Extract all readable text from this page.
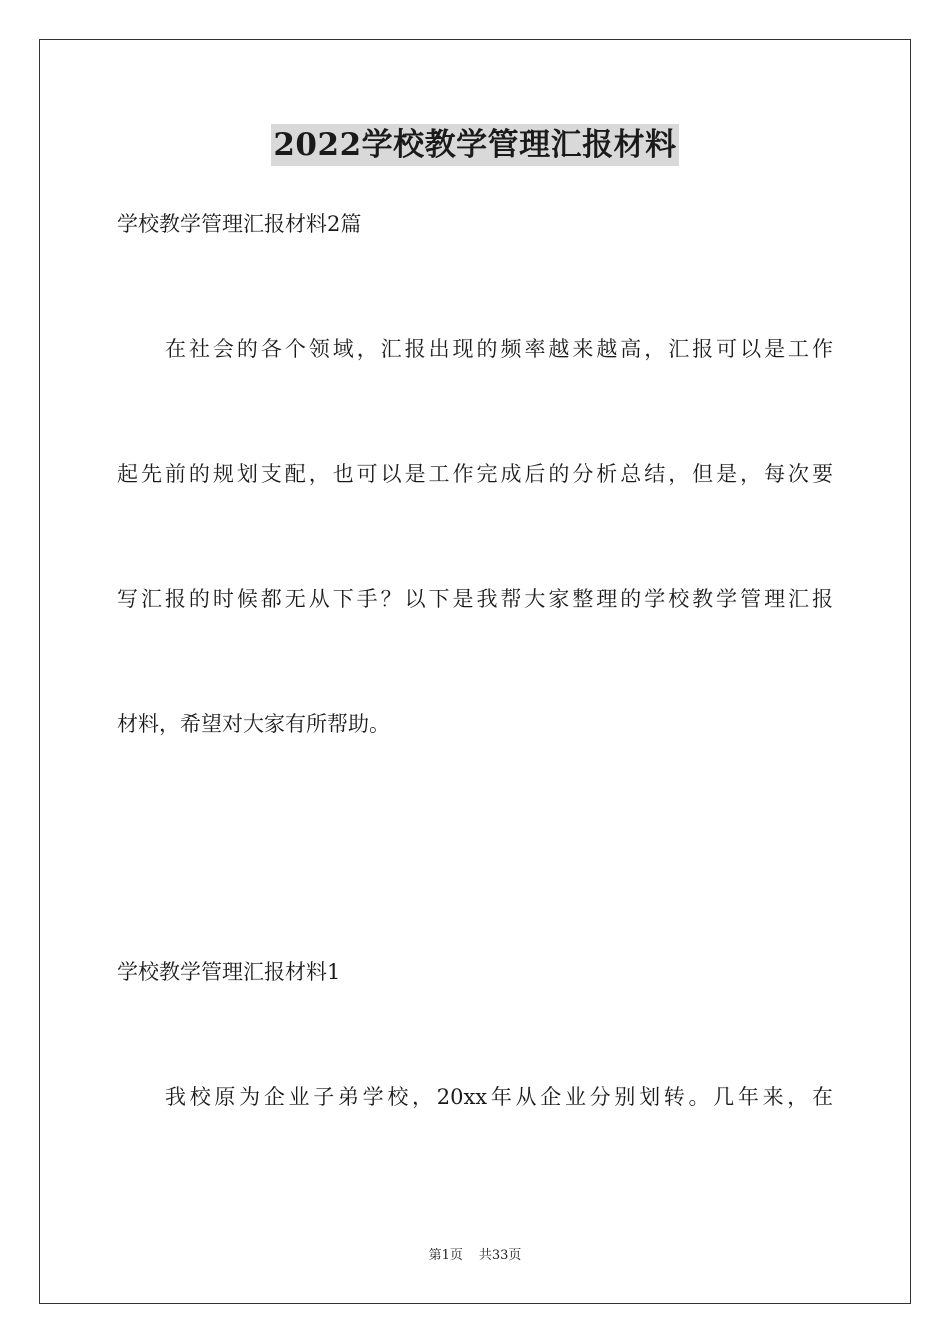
2022学校教学管理汇报材料

学校教学管理汇报材料2篇

在社会的各个领域，汇报出现的频率越来越高，汇报可以是工作

起先前的规划支配，也可以是工作完成后的分析总结，但是，每次要

写汇报的时候都无从下手？以下是我帮大家整理的学校教学管理汇报

材料，希望对大家有所帮助。

学校教学管理汇报材料1

我校原为企业子弟学校，20xx年从企业分别划转。几年来，在

第1页 共33页
